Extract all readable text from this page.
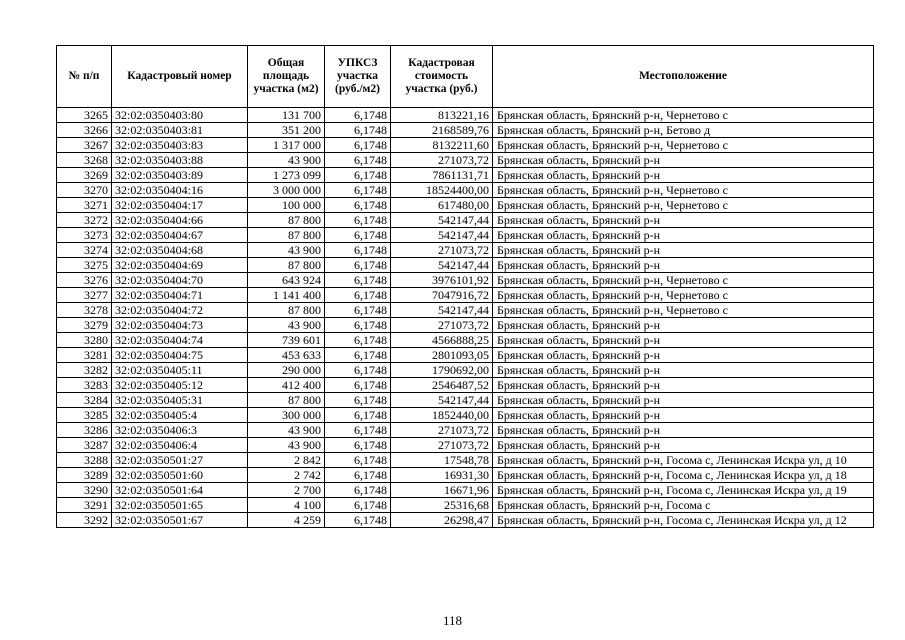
№ п/п	Кадастровый номер	Общая площадь участка (м2)	УПКСЗ участка (руб./м2)	Кадастровая стоимость участка (руб.)	Местоположение
3265	32:02:0350403:80	131 700	6,1748	813221,16	Брянская область, Брянский р-н, Чернетово с
3266	32:02:0350403:81	351 200	6,1748	2168589,76	Брянская область, Брянский р-н, Бетово д
3267	32:02:0350403:83	1 317 000	6,1748	8132211,60	Брянская область, Брянский р-н, Чернетово с
3268	32:02:0350403:88	43 900	6,1748	271073,72	Брянская область, Брянский р-н
3269	32:02:0350403:89	1 273 099	6,1748	7861131,71	Брянская область, Брянский р-н
3270	32:02:0350404:16	3 000 000	6,1748	18524400,00	Брянская область, Брянский р-н, Чернетово с
3271	32:02:0350404:17	100 000	6,1748	617480,00	Брянская область, Брянский р-н, Чернетово с
3272	32:02:0350404:66	87 800	6,1748	542147,44	Брянская область, Брянский р-н
3273	32:02:0350404:67	87 800	6,1748	542147,44	Брянская область, Брянский р-н
3274	32:02:0350404:68	43 900	6,1748	271073,72	Брянская область, Брянский р-н
3275	32:02:0350404:69	87 800	6,1748	542147,44	Брянская область, Брянский р-н
3276	32:02:0350404:70	643 924	6,1748	3976101,92	Брянская область, Брянский р-н, Чернетово с
3277	32:02:0350404:71	1 141 400	6,1748	7047916,72	Брянская область, Брянский р-н, Чернетово с
3278	32:02:0350404:72	87 800	6,1748	542147,44	Брянская область, Брянский р-н, Чернетово с
3279	32:02:0350404:73	43 900	6,1748	271073,72	Брянская область, Брянский р-н
3280	32:02:0350404:74	739 601	6,1748	4566888,25	Брянская область, Брянский р-н
3281	32:02:0350404:75	453 633	6,1748	2801093,05	Брянская область, Брянский р-н
3282	32:02:0350405:11	290 000	6,1748	1790692,00	Брянская область, Брянский р-н
3283	32:02:0350405:12	412 400	6,1748	2546487,52	Брянская область, Брянский р-н
3284	32:02:0350405:31	87 800	6,1748	542147,44	Брянская область, Брянский р-н
3285	32:02:0350405:4	300 000	6,1748	1852440,00	Брянская область, Брянский р-н
3286	32:02:0350406:3	43 900	6,1748	271073,72	Брянская область, Брянский р-н
3287	32:02:0350406:4	43 900	6,1748	271073,72	Брянская область, Брянский р-н
3288	32:02:0350501:27	2 842	6,1748	17548,78	Брянская область, Брянский р-н, Госома с, Ленинская Искра ул, д 10
3289	32:02:0350501:60	2 742	6,1748	16931,30	Брянская область, Брянский р-н, Госома с, Ленинская Искра ул, д 18
3290	32:02:0350501:64	2 700	6,1748	16671,96	Брянская область, Брянский р-н, Госома с, Ленинская Искра ул, д 19
3291	32:02:0350501:65	4 100	6,1748	25316,68	Брянская область, Брянский р-н, Госома с
3292	32:02:0350501:67	4 259	6,1748	26298,47	Брянская область, Брянский р-н, Госома с, Ленинская Искра ул, д 12
118
